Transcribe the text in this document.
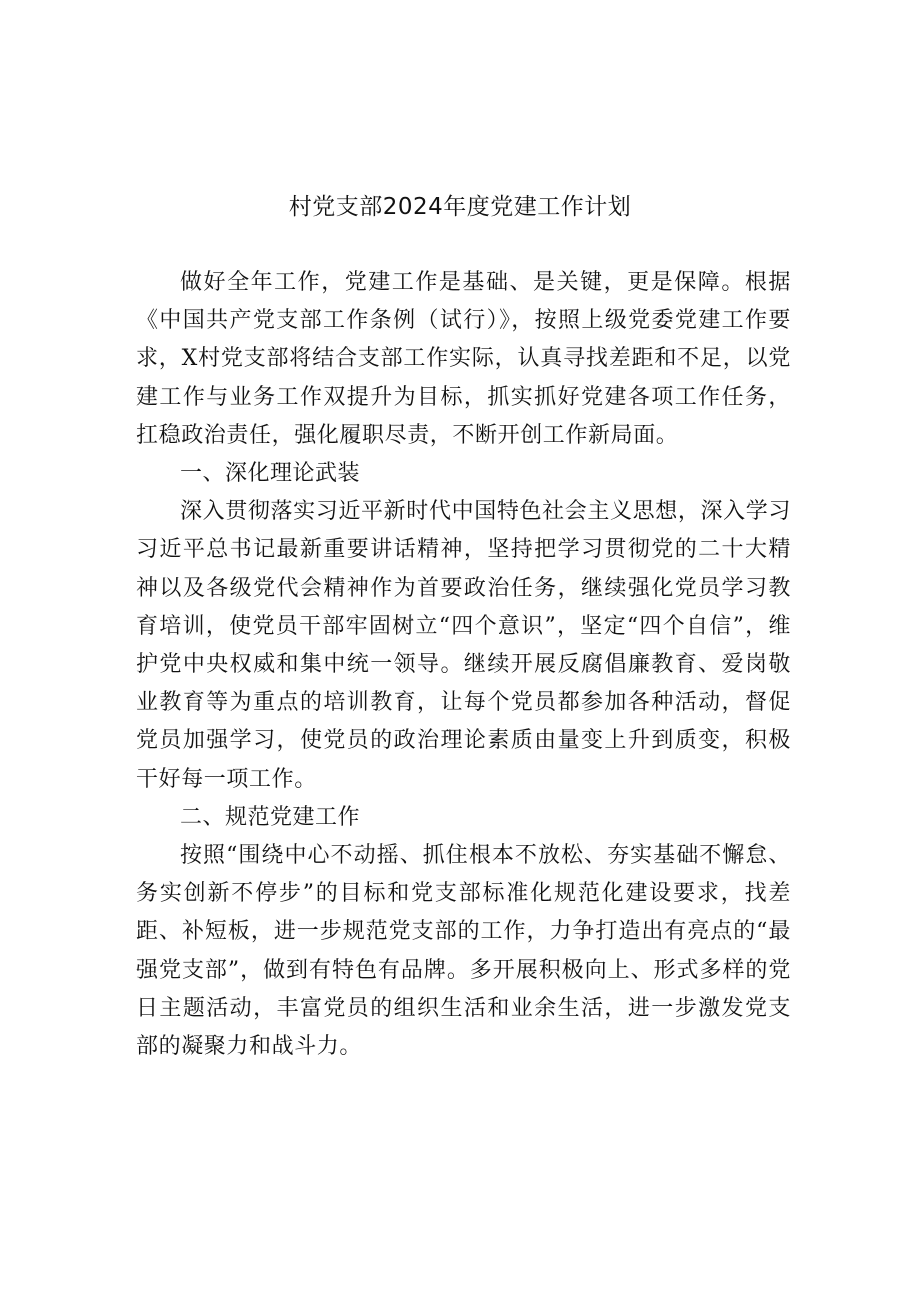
村党支部2024年度党建工作计划

做好全年工作，党建工作是基础、是关键，更是保障。根据《中国共产党支部工作条例（试行）》，按照上级党委党建工作要求，X村党支部将结合支部工作实际，认真寻找差距和不足，以党建工作与业务工作双提升为目标，抓实抓好党建各项工作任务，扛稳政治责任，强化履职尽责，不断开创工作新局面。

一、深化理论武装

深入贯彻落实习近平新时代中国特色社会主义思想，深入学习习近平总书记最新重要讲话精神，坚持把学习贯彻党的二十大精神以及各级党代会精神作为首要政治任务，继续强化党员学习教育培训，使党员干部牢固树立“四个意识”，坚定“四个自信”，维护党中央权威和集中统一领导。继续开展反腐倡廉教育、爱岗敬业教育等为重点的培训教育，让每个党员都参加各种活动，督促党员加强学习，使党员的政治理论素质由量变上升到质变，积极干好每一项工作。

二、规范党建工作

按照“围绕中心不动摇、抓住根本不放松、夯实基础不懈怠、务实创新不停步”的目标和党支部标准化规范化建设要求，找差距、补短板，进一步规范党支部的工作，力争打造出有亮点的“最强党支部”，做到有特色有品牌。多开展积极向上、形式多样的党日主题活动，丰富党员的组织生活和业余生活，进一步激发党支部的凝聚力和战斗力。
